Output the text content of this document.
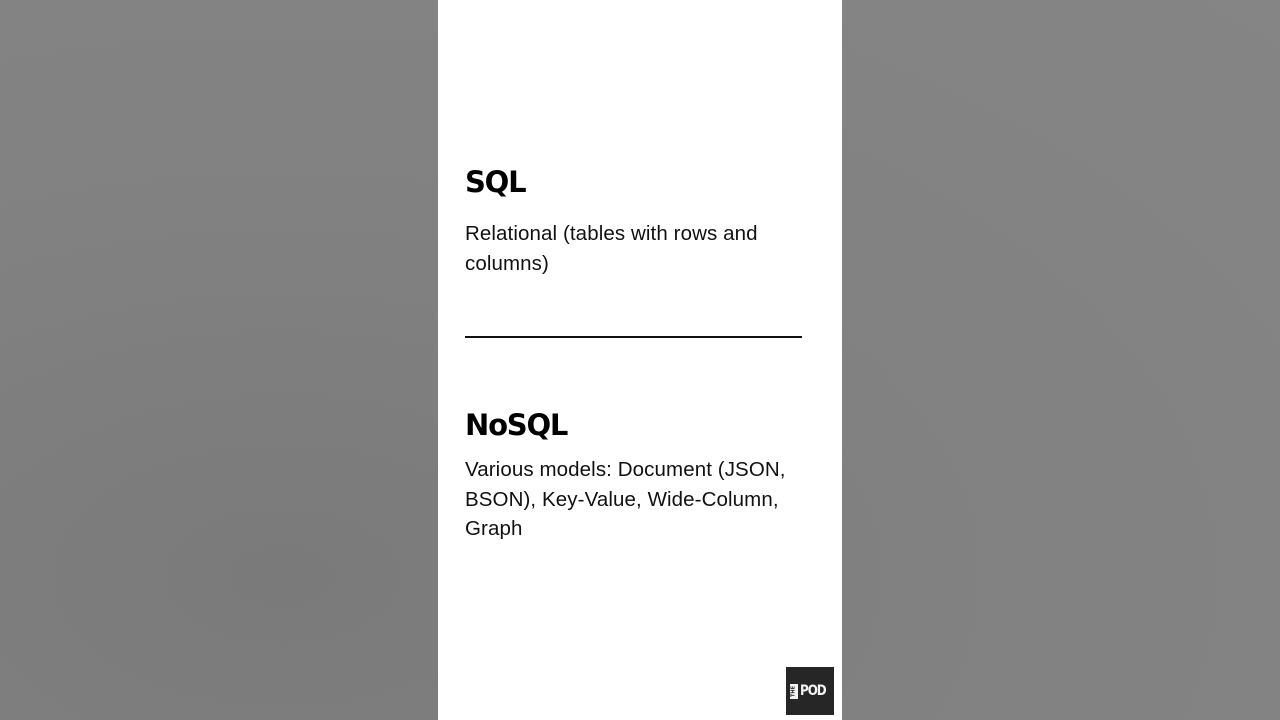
SQL

Relational (tables with rows and columns)

NoSQL

Various models: Document (JSON, BSON), Key-Value, Wide-Column, Graph

THE POD
